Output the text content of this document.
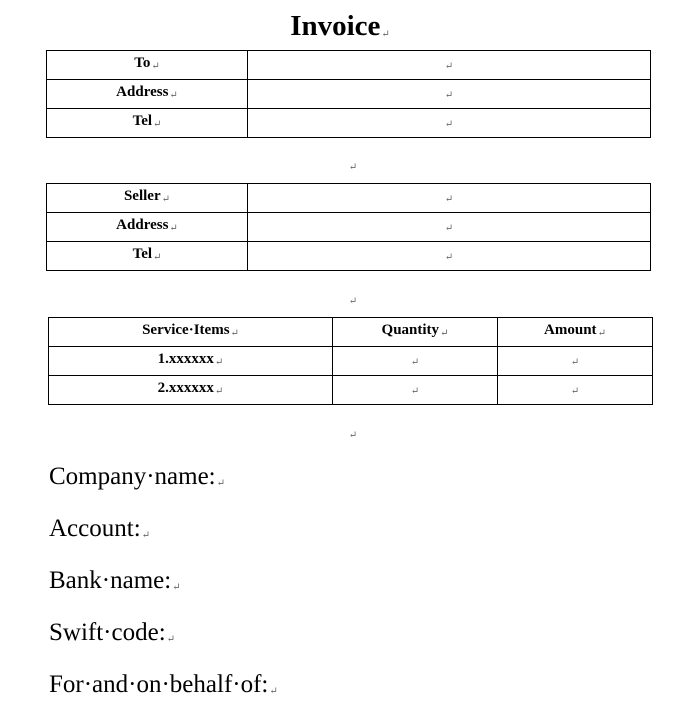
Invoice↵
To↵	↵
Address↵	↵
Tel↵	↵
↵
Seller↵	↵
Address↵	↵
Tel↵	↵
↵
Service·Items↵	Quantity↵	Amount↵
1.xxxxxx↵	↵	↵
2.xxxxxx↵	↵	↵
↵
Company·name:↵
Account:↵
Bank·name:↵
Swift·code:↵
For·and·on·behalf·of:↵
